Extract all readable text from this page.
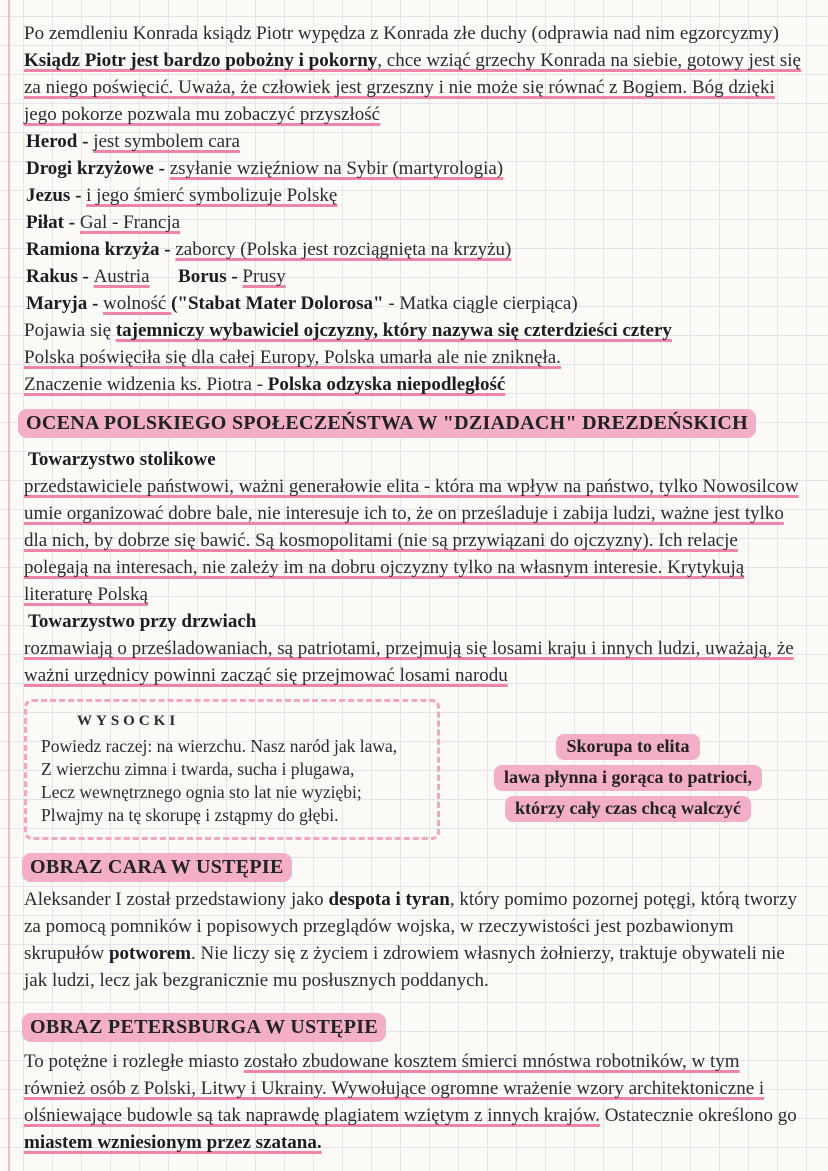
Po zemdleniu Konrada ksiądz Piotr wypędza z Konrada złe duchy (odprawia nad nim egzorcyzmy) Ksiądz Piotr jest bardzo pobożny i pokorny, chce wziąć grzechy Konrada na siebie, gotowy jest się za niego poświęcić. Uważa, że człowiek jest grzeszny i nie może się równać z Bogiem. Bóg dzięki jego pokorze pozwala mu zobaczyć przyszłość

Herod - jest symbolem cara

Drogi krzyżowe - zsyłanie wzięźniow na Sybir (martyrologia)

Jezus - i jego śmierć symbolizuje Polskę

Piłat - Gal - Francja

Ramiona krzyża - zaborcy (Polska jest rozciągnięta na krzyżu)

Rakus - Austria Borus - Prusy

Maryja - wolność ("Stabat Mater Dolorosa" - Matka ciągle cierpiąca)

Pojawia się tajemniczy wybawiciel ojczyzny, który nazywa się czterdzieści cztery

Polska poświęciła się dla całej Europy, Polska umarła ale nie zniknęła.

Znaczenie widzenia ks. Piotra - Polska odzyska niepodległość

OCENA POLSKIEGO SPOŁECZEŃSTWA W "DZIADACH" DREZDEŃSKICH

Towarzystwo stolikowe

przedstawiciele państwowi, ważni generałowie elita - która ma wpływ na państwo, tylko Nowosilcow umie organizować dobre bale, nie interesuje ich to, że on prześladuje i zabija ludzi, ważne jest tylko dla nich, by dobrze się bawić. Są kosmopolitami (nie są przywiązani do ojczyzny). Ich relacje polegają na interesach, nie zależy im na dobru ojczyzny tylko na własnym interesie. Krytykują literaturę Polską

Towarzystwo przy drzwiach

rozmawiają o prześladowaniach, są patriotami, przejmują się losami kraju i innych ludzi, uważają, że ważni urzędnicy powinni zacząć się przejmować losami narodu

WYSOCKI
Powiedz raczej: na wierzchu. Nasz naród jak lawa,
Z wierzchu zimna i twarda, sucha i plugawa,
Lecz wewnętrznego ognia sto lat nie wyziębi;
Plwajmy na tę skorupę i zstąpmy do głębi.
Skorupa to elita
lawa płynna i gorąca to patrioci,
którzy cały czas chcą walczyć
OBRAZ CARA W USTĘPIE

Aleksander I został przedstawiony jako despota i tyran, który pomimo pozornej potęgi, którą tworzy za pomocą pomników i popisowych przeglądów wojska, w rzeczywistości jest pozbawionym skrupułów potworem. Nie liczy się z życiem i zdrowiem własnych żołnierzy, traktuje obywateli nie jak ludzi, lecz jak bezgranicznie mu posłusznych poddanych.

OBRAZ PETERSBURGA W USTĘPIE

To potężne i rozległe miasto zostało zbudowane kosztem śmierci mnóstwa robotników, w tym również osób z Polski, Litwy i Ukrainy. Wywołujące ogromne wrażenie wzory architektoniczne i olśniewające budowle są tak naprawdę plagiatem wziętym z innych krajów. Ostatecznie określono go miastem wzniesionym przez szatana.
